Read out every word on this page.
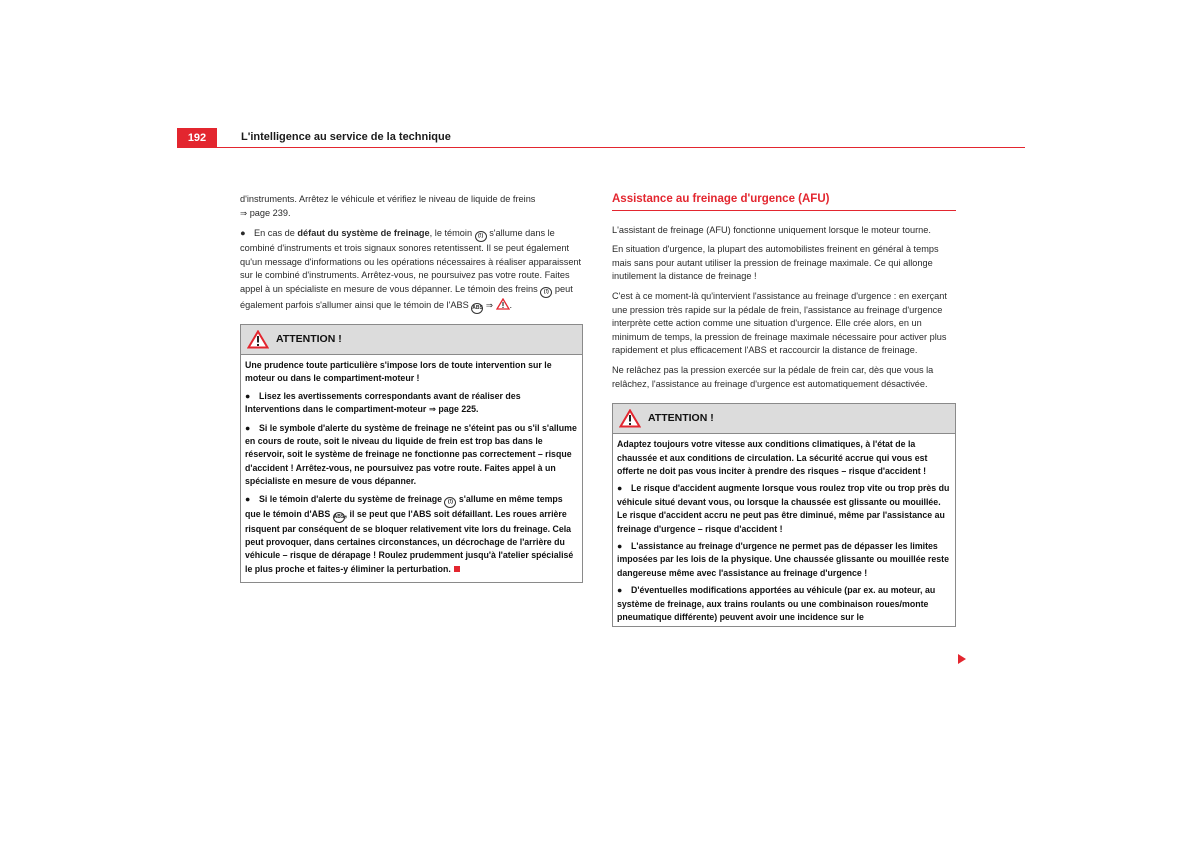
192	L'intelligence au service de la technique

d'instruments. Arrêtez le véhicule et vérifiez le niveau de liquide de freins
⇒ page 239.

● En cas de défaut du système de freinage, le témoin (!) s'allume dans le combiné d'instruments et trois signaux sonores retentissent. Il se peut également qu'un message d'informations ou les opérations nécessaires à réaliser apparaissent sur le combiné d'instruments. Arrêtez-vous, ne poursuivez pas votre route. Faites appel à un spécialiste en mesure de vous dépanner. Le témoin des freins (!) peut également parfois s'allumer ainsi que le témoin de l'ABS ABS ⇒ .

ATTENTION !

Une prudence toute particulière s'impose lors de toute intervention sur le moteur ou dans le compartiment-moteur !

● Lisez les avertissements correspondants avant de réaliser des Interventions dans le compartiment-moteur ⇒ page 225.

● Si le symbole d'alerte du système de freinage ne s'éteint pas ou s'il s'allume en cours de route, soit le niveau du liquide de frein est trop bas dans le réservoir, soit le système de freinage ne fonctionne pas correctement – risque d'accident ! Arrêtez-vous, ne poursuivez pas votre route. Faites appel à un spécialiste en mesure de vous dépanner.

● Si le témoin d'alerte du système de freinage (!) s'allume en même temps que le témoin d'ABS ABS, il se peut que l'ABS soit défaillant. Les roues arrière risquent par conséquent de se bloquer relativement vite lors du freinage. Cela peut provoquer, dans certaines circonstances, un décrochage de l'arrière du véhicule – risque de dérapage ! Roulez prudemment jusqu'à l'atelier spécialisé le plus proche et faites-y éliminer la perturbation.

Assistance au freinage d'urgence (AFU)

L'assistant de freinage (AFU) fonctionne uniquement lorsque le moteur tourne.

En situation d'urgence, la plupart des automobilistes freinent en général à temps mais sans pour autant utiliser la pression de freinage maximale. Ce qui allonge inutilement la distance de freinage !

C'est à ce moment-là qu'intervient l'assistance au freinage d'urgence : en exerçant une pression très rapide sur la pédale de frein, l'assistance au freinage d'urgence interprète cette action comme une situation d'urgence. Elle crée alors, en un minimum de temps, la pression de freinage maximale nécessaire pour activer plus rapidement et plus efficacement l'ABS et raccourcir la distance de freinage.

Ne relâchez pas la pression exercée sur la pédale de frein car, dès que vous la relâchez, l'assistance au freinage d'urgence est automatiquement désactivée.

ATTENTION !

Adaptez toujours votre vitesse aux conditions climatiques, à l'état de la chaussée et aux conditions de circulation. La sécurité accrue qui vous est offerte ne doit pas vous inciter à prendre des risques – risque d'accident !

● Le risque d'accident augmente lorsque vous roulez trop vite ou trop près du véhicule situé devant vous, ou lorsque la chaussée est glissante ou mouillée. Le risque d'accident accru ne peut pas être diminué, même par l'assistance au freinage d'urgence – risque d'accident !

● L'assistance au freinage d'urgence ne permet pas de dépasser les limites imposées par les lois de la physique. Une chaussée glissante ou mouillée reste dangereuse même avec l'assistance au freinage d'urgence !

● D'éventuelles modifications apportées au véhicule (par ex. au moteur, au système de freinage, aux trains roulants ou une combinaison roues/monte pneumatique différente) peuvent avoir une incidence sur le
